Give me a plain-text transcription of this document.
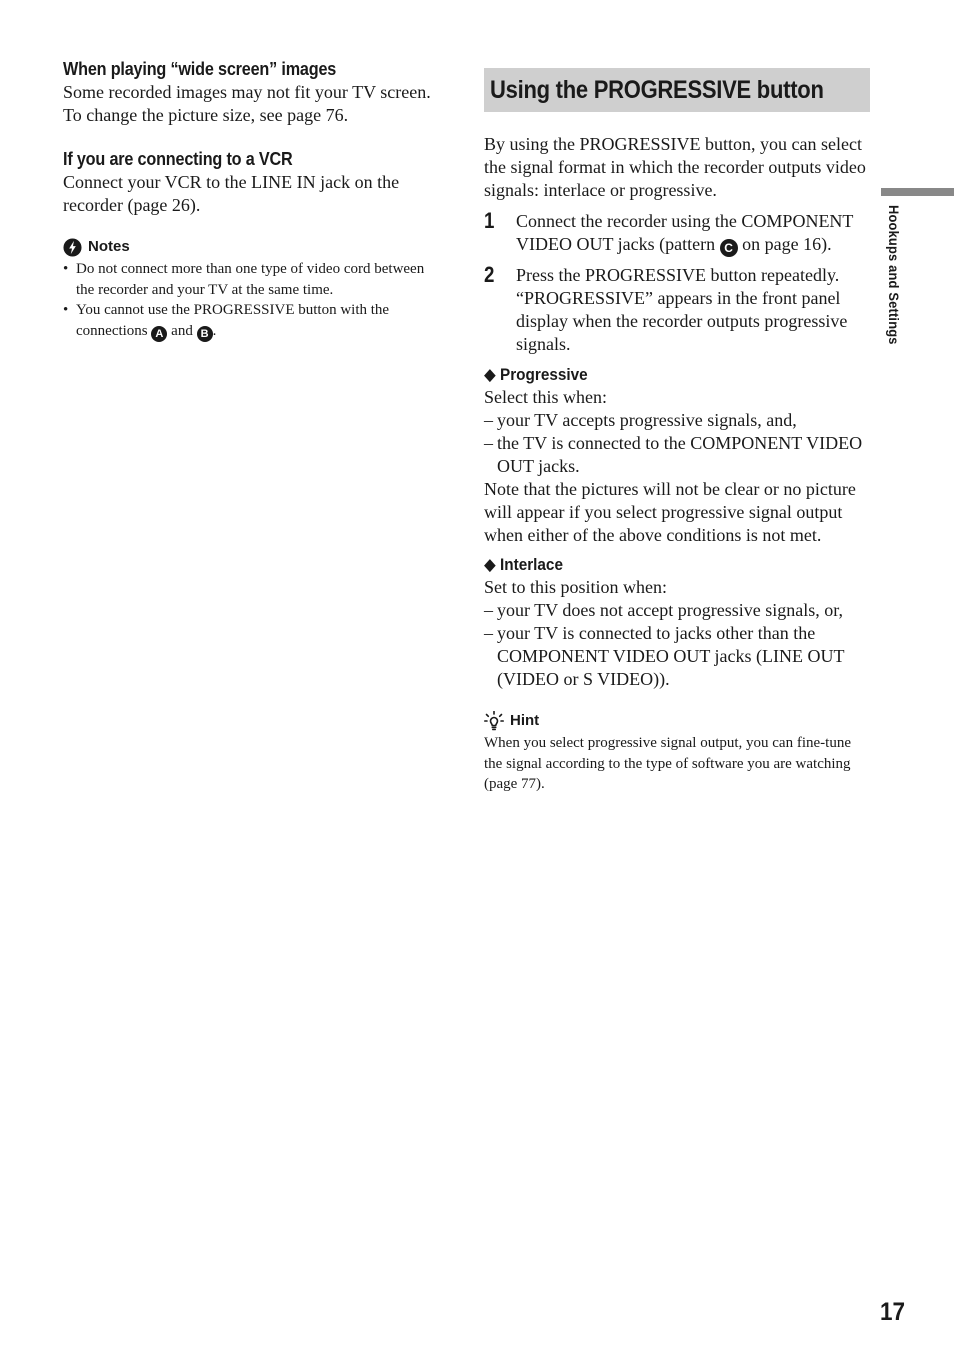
When playing “wide screen” images

Some recorded images may not fit your TV screen. To change the picture size, see page 76.

If you are connecting to a VCR

Connect your VCR to the LINE IN jack on the recorder (page 26).

Notes
• Do not connect more than one type of video cord between the recorder and your TV at the same time.
• You cannot use the PROGRESSIVE button with the connections A and B .
Using the PROGRESSIVE button

By using the PROGRESSIVE button, you can select the signal format in which the recorder outputs video signals: interlace or progressive.

1	Connect the recorder using the COMPONENT VIDEO OUT jacks (pattern C on page 16).
2	Press the PROGRESSIVE button repeatedly. “PROGRESSIVE” appears in the front panel display when the recorder outputs progressive signals.
◆ Progressive

Select this when:

– your TV accepts progressive signals, and,
– the TV is connected to the COMPONENT VIDEO OUT jacks.

Note that the pictures will not be clear or no picture will appear if you select progressive signal output when either of the above conditions is not met.

◆ Interlace

Set to this position when:

– your TV does not accept progressive signals, or,
– your TV is connected to jacks other than the COMPONENT VIDEO OUT jacks (LINE OUT (VIDEO or S VIDEO)).
Hint

When you select progressive signal output, you can fine-tune the signal according to the type of software you are watching (page 77).

Hookups and Settings
17
